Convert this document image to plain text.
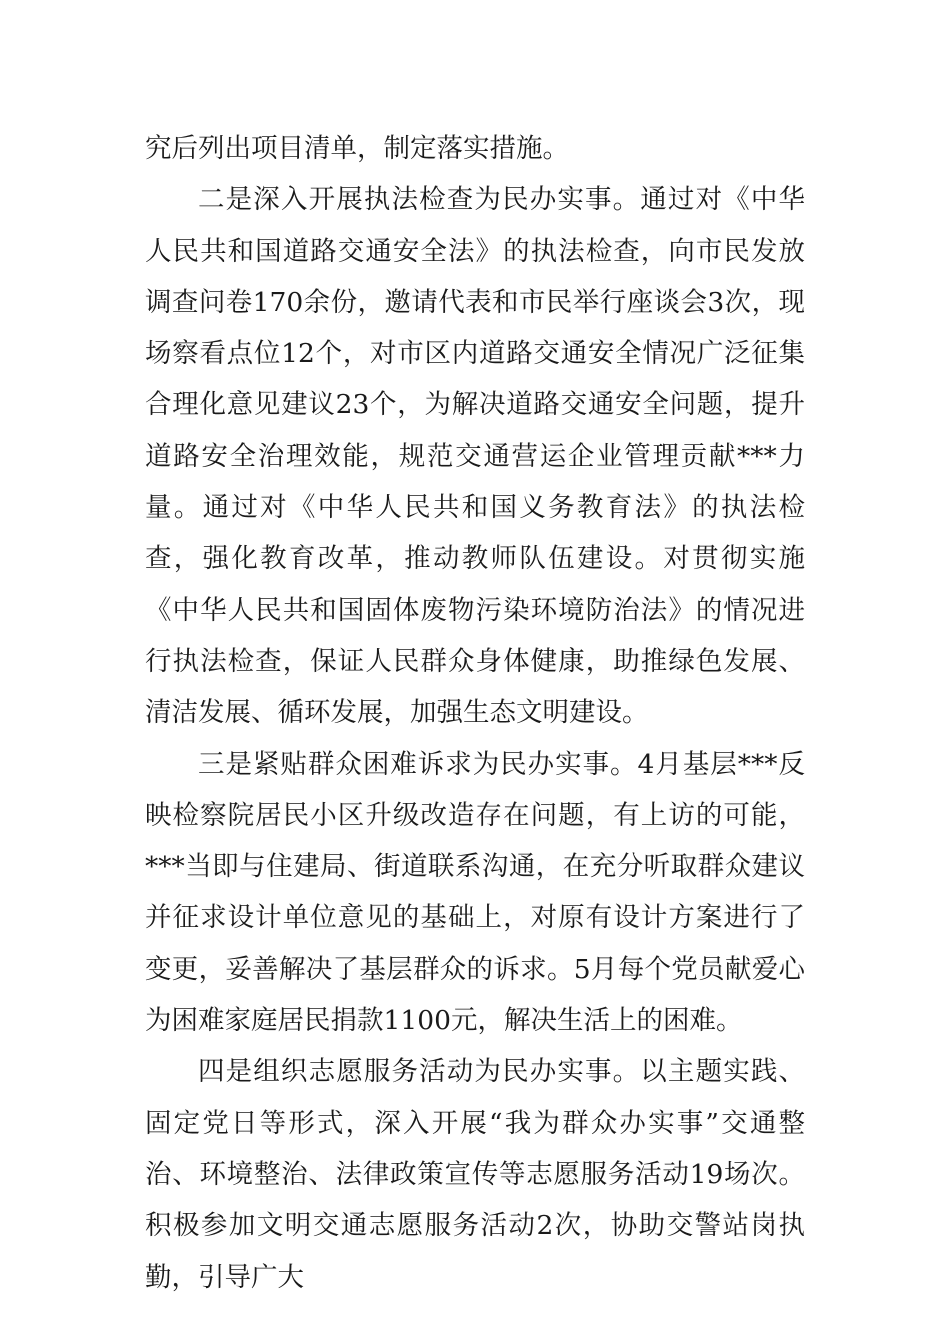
究后列出项目清单，制定落实措施。

二是深入开展执法检查为民办实事。通过对《中华人民共和国道路交通安全法》的执法检查，向市民发放调查问卷170余份，邀请代表和市民举行座谈会3次，现场察看点位12个，对市区内道路交通安全情况广泛征集合理化意见建议23个，为解决道路交通安全问题，提升道路安全治理效能，规范交通营运企业管理贡献***力量。通过对《中华人民共和国义务教育法》的执法检查，强化教育改革，推动教师队伍建设。对贯彻实施《中华人民共和国固体废物污染环境防治法》的情况进行执法检查，保证人民群众身体健康，助推绿色发展、清洁发展、循环发展，加强生态文明建设。

三是紧贴群众困难诉求为民办实事。4月基层***反映检察院居民小区升级改造存在问题，有上访的可能，***当即与住建局、街道联系沟通，在充分听取群众建议并征求设计单位意见的基础上，对原有设计方案进行了变更，妥善解决了基层群众的诉求。5月每个党员献爱心为困难家庭居民捐款1100元，解决生活上的困难。

四是组织志愿服务活动为民办实事。以主题实践、固定党日等形式，深入开展“我为群众办实事”交通整治、环境整治、法律政策宣传等志愿服务活动19场次。积极参加文明交通志愿服务活动2次，协助交警站岗执勤，引导广大
